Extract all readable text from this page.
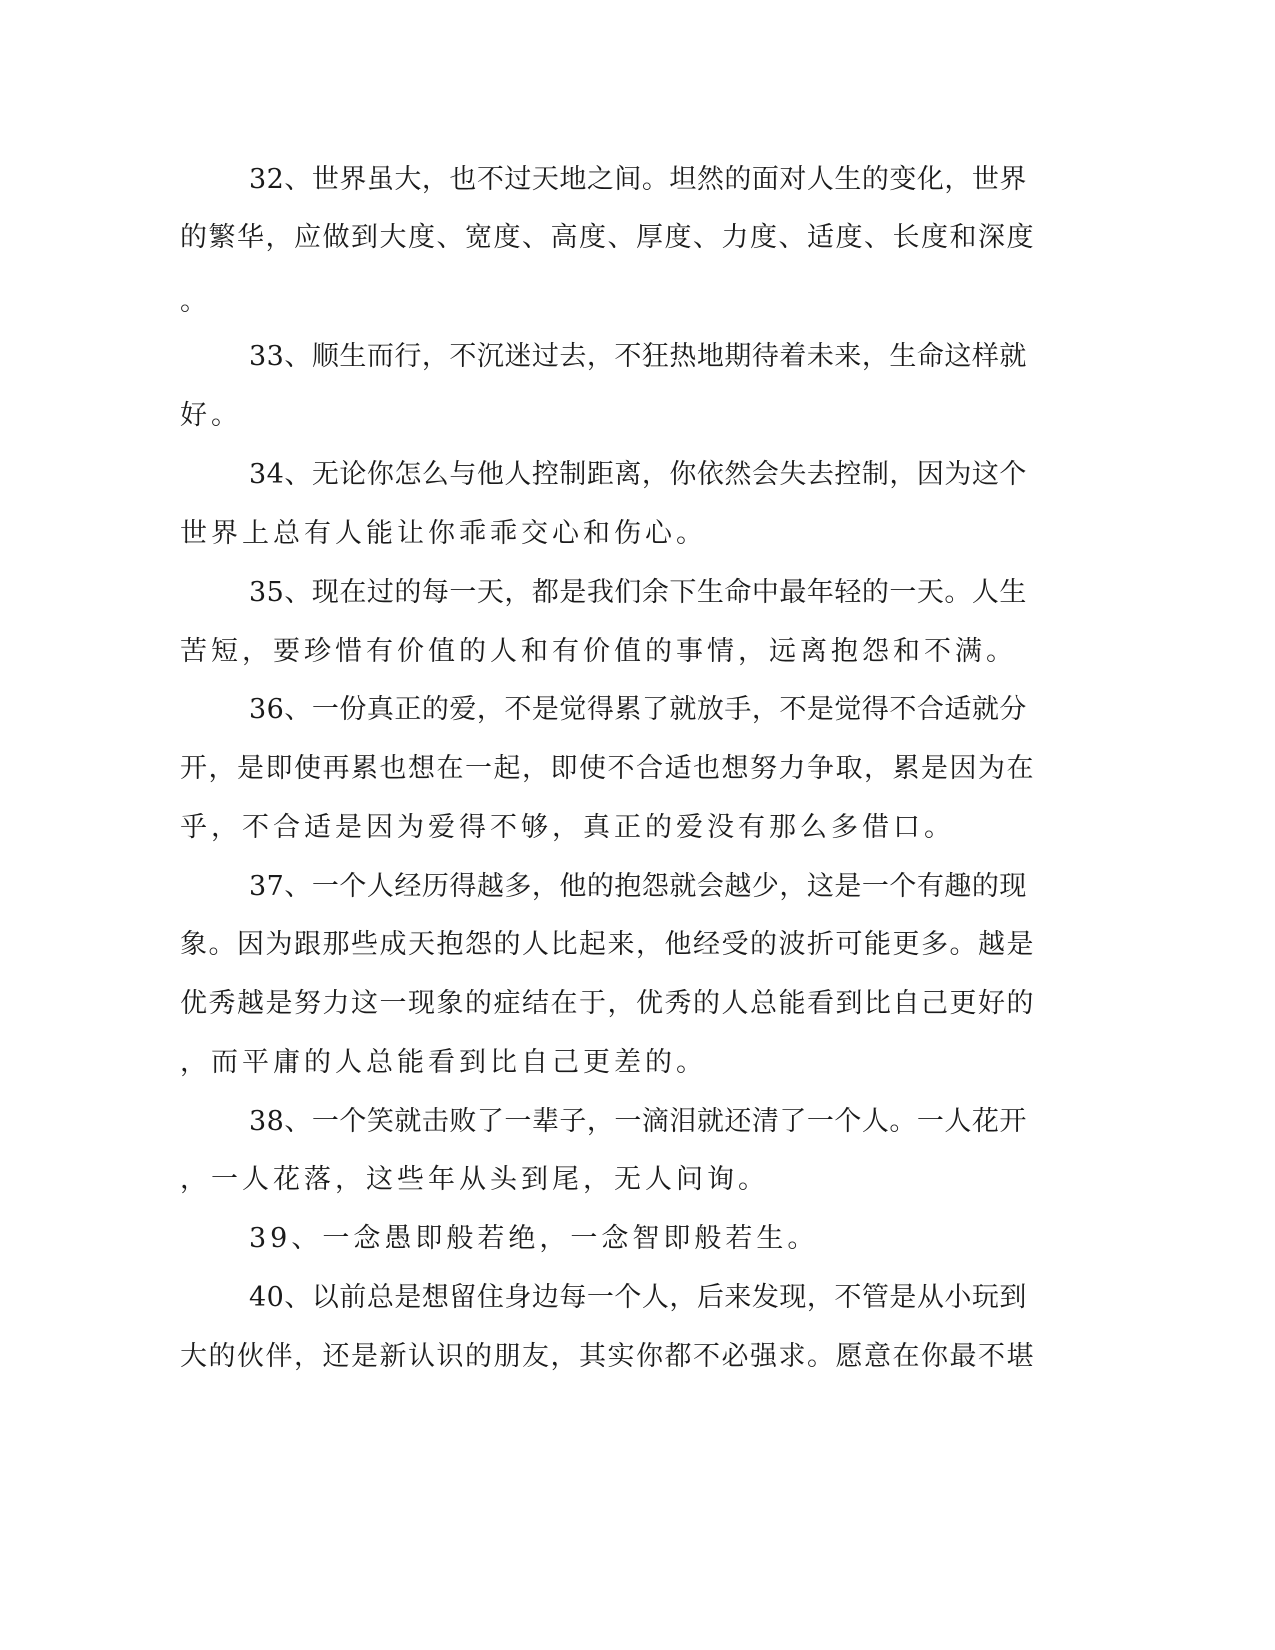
32、世界虽大，也不过天地之间。坦然的面对人生的变化，世界
的繁华，应做到大度、宽度、高度、厚度、力度、适度、长度和深度
。
33、顺生而行，不沉迷过去，不狂热地期待着未来，生命这样就
好。
34、无论你怎么与他人控制距离，你依然会失去控制，因为这个
世界上总有人能让你乖乖交心和伤心。
35、现在过的每一天，都是我们余下生命中最年轻的一天。人生
苦短，要珍惜有价值的人和有价值的事情，远离抱怨和不满。
36、一份真正的爱，不是觉得累了就放手，不是觉得不合适就分
开，是即使再累也想在一起，即使不合适也想努力争取，累是因为在
乎，不合适是因为爱得不够，真正的爱没有那么多借口。
37、一个人经历得越多，他的抱怨就会越少，这是一个有趣的现
象。因为跟那些成天抱怨的人比起来，他经受的波折可能更多。越是
优秀越是努力这一现象的症结在于，优秀的人总能看到比自己更好的
，而平庸的人总能看到比自己更差的。
38、一个笑就击败了一辈子，一滴泪就还清了一个人。一人花开
，一人花落，这些年从头到尾，无人问询。
39、一念愚即般若绝，一念智即般若生。
40、以前总是想留住身边每一个人，后来发现，不管是从小玩到
大的伙伴，还是新认识的朋友，其实你都不必强求。愿意在你最不堪
